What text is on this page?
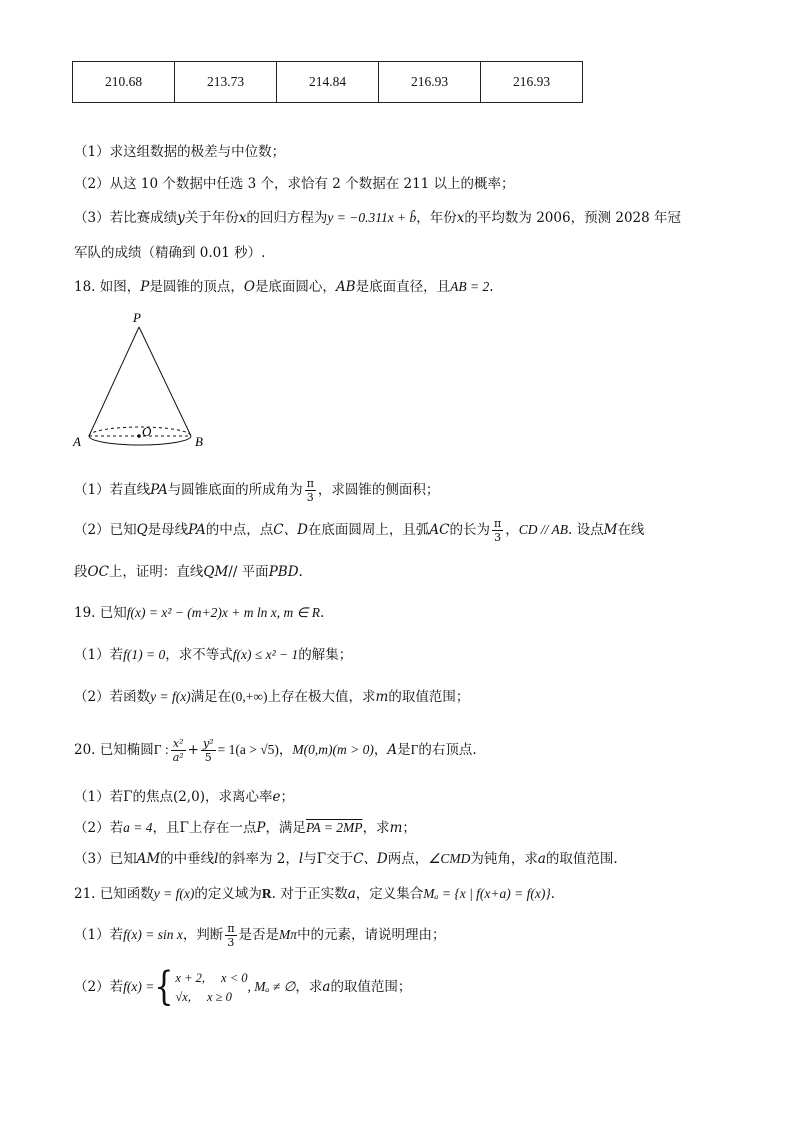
210.68	213.73	214.84	216.93	216.93
（1）求这组数据的极差与中位数；
（2）从这 10 个数据中任选 3 个，求恰有 2 个数据在 211 以上的概率；
（3）若比赛成绩y关于年份x的回归方程为y = −0.311x + b̂，年份x的平均数为 2006，预测 2028 年冠
军队的成绩（精确到 0.01 秒）.
18. 如图，P是圆锥的顶点，O是底面圆心，AB是底面直径，且AB = 2.
P
A
O
B
（1）若直线PA与圆锥底面的所成角为 $\frac{\pi}{3}$ ，求圆锥的侧面积；
（2）已知Q是母线PA的中点，点C、D在底面圆周上，且弧AC的长为 $\frac{\pi}{3}$ ，CD // AB. 设点M在线
段OC上，证明：直线QM// 平面PBD.
19. 已知f(x) = x² − (m+2)x + m ln x, m ∈ R.
（1）若f(1) = 0，求不等式f(x) ≤ x² − 1的解集；
（2）若函数y = f(x)满足在(0,+∞)上存在极大值，求m的取值范围；
20. 已知椭圆Γ : $\frac{\text{x²}}{\text{a²}} + \frac{\text{y²}}{5} = 1(a > √5)$，M(0,m)(m > 0)，A是Γ的右顶点.
（1）若Γ的焦点(2,0)，求离心率e；
（2）若a = 4，且Γ上存在一点P，满足PA = 2MP，求m；
（3）已知AM的中垂线l的斜率为 2，l与Γ交于C、D两点，∠CMD为钝角，求a的取值范围.
21. 已知函数y = f(x)的定义域为R. 对于正实数a，定义集合Mₐ = {x | f(x+a) = f(x)}.
（1）若f(x) = sin x，判断 $\frac{\pi}{3}$ 是否是Mπ中的元素，请说明理由；
（2）若f(x) ={ x + 2, x < 0
√x, x ≥ 0
, Mₐ ≠ ∅，求a的取值范围；
